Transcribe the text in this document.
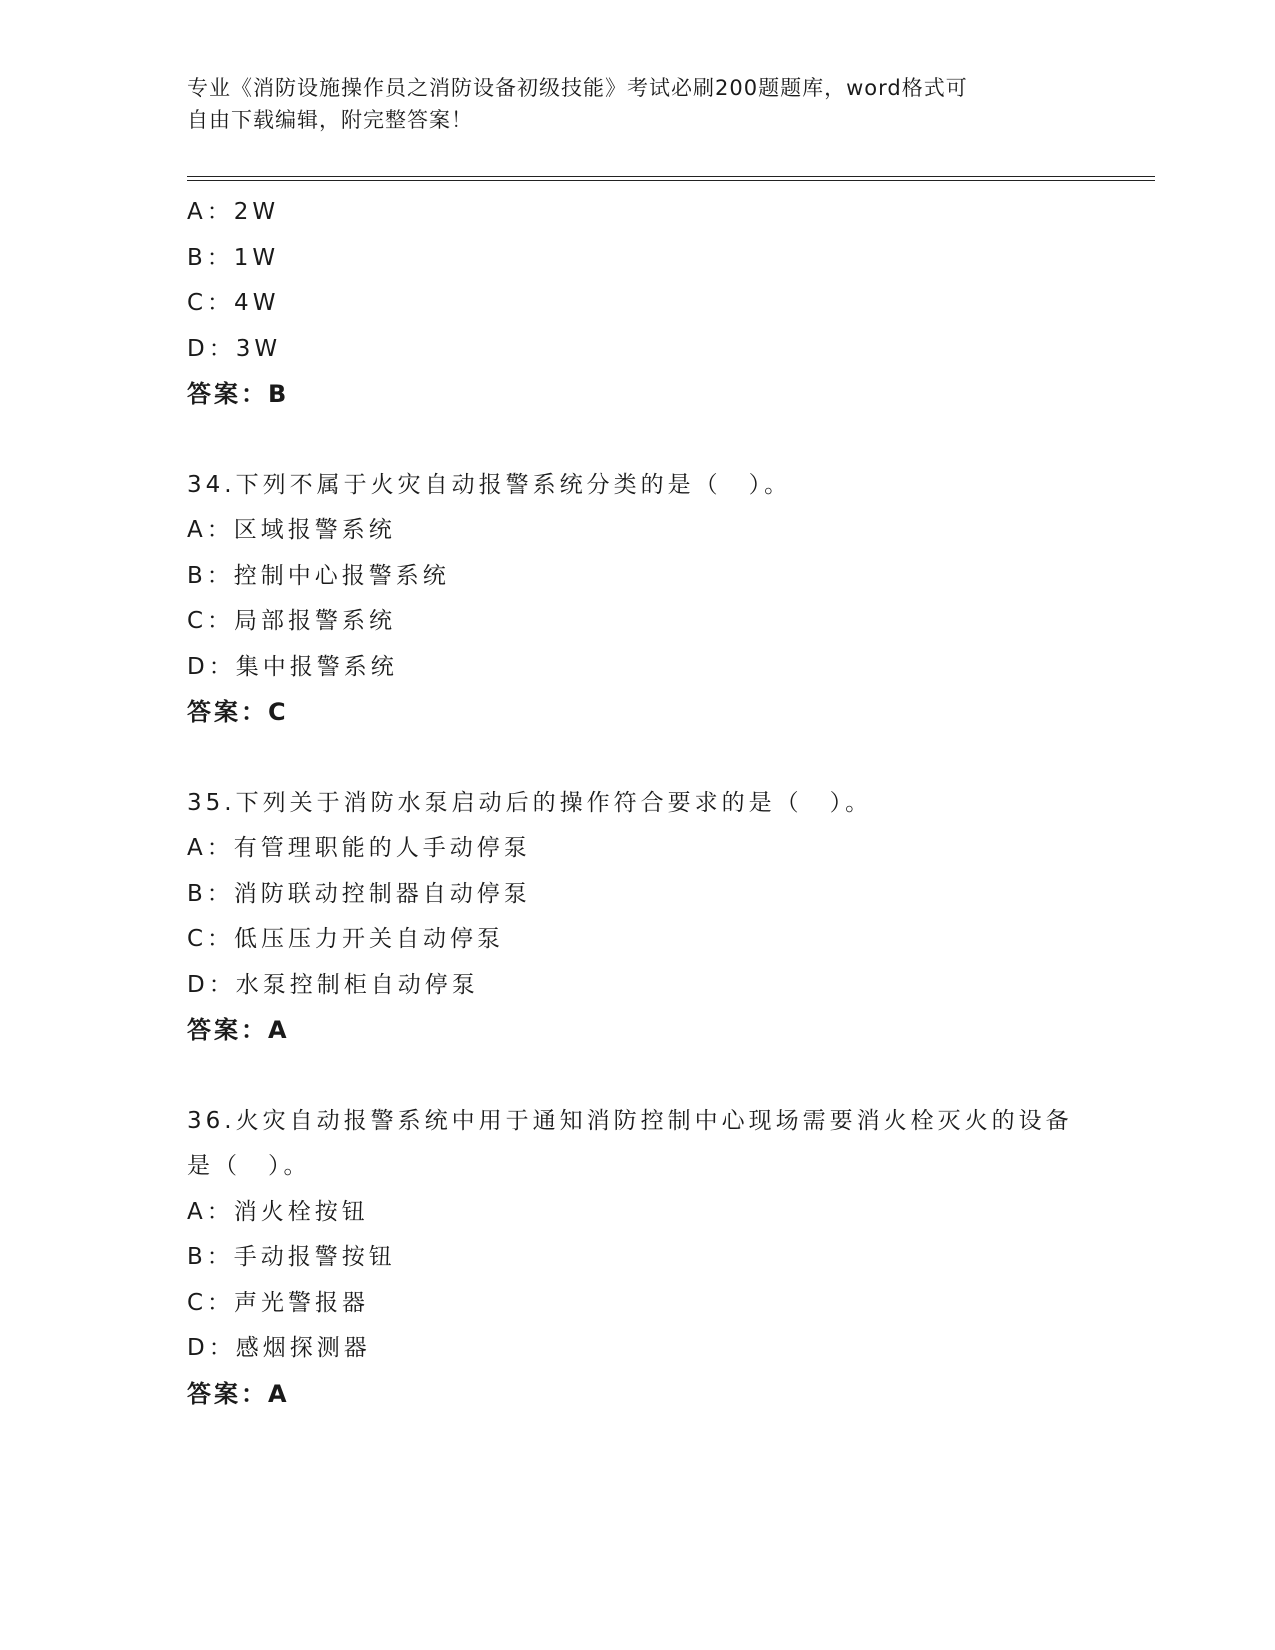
专业《消防设施操作员之消防设备初级技能》考试必刷200题题库，word格式可
自由下载编辑，附完整答案！
A：2W
B：1W
C：4W
D：3W
答案：B
34.下列不属于火灾自动报警系统分类的是（　）。
A：区域报警系统
B：控制中心报警系统
C：局部报警系统
D：集中报警系统
答案：C
35.下列关于消防水泵启动后的操作符合要求的是（　）。
A：有管理职能的人手动停泵
B：消防联动控制器自动停泵
C：低压压力开关自动停泵
D：水泵控制柜自动停泵
答案：A
36.火灾自动报警系统中用于通知消防控制中心现场需要消火栓灭火的设备是（　）。
A：消火栓按钮
B：手动报警按钮
C：声光警报器
D：感烟探测器
答案：A
